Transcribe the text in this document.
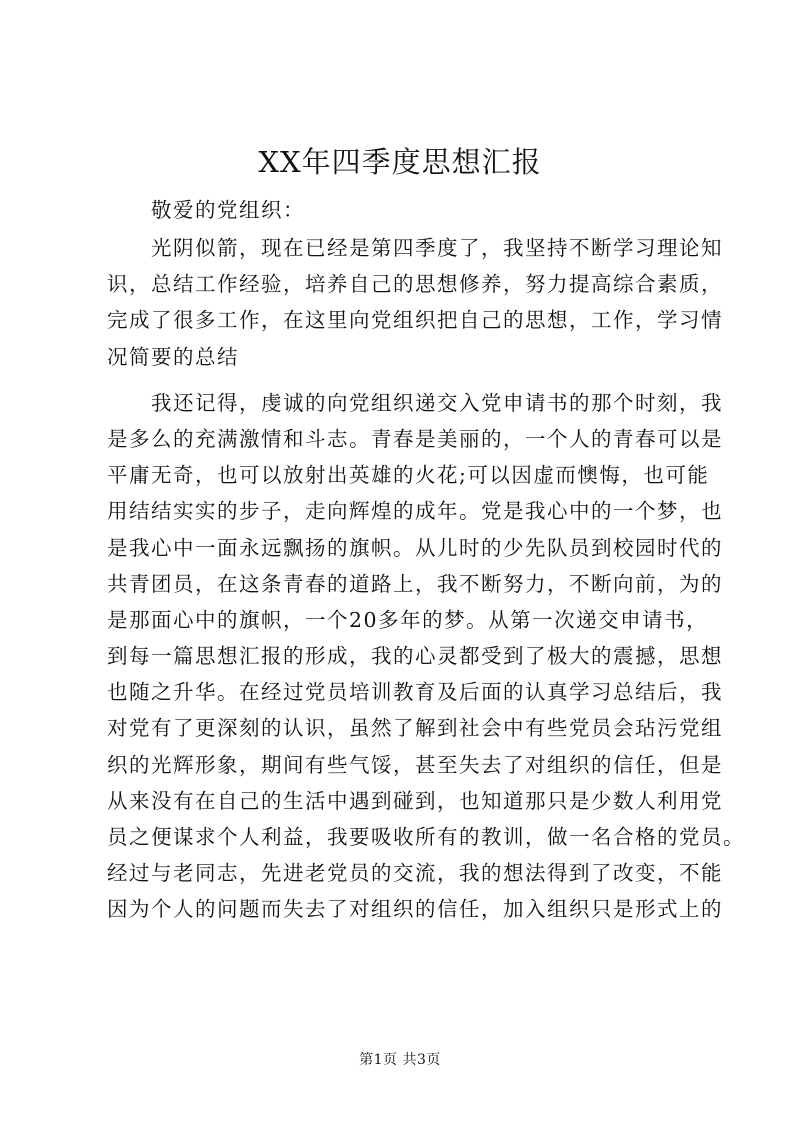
XX年四季度思想汇报

敬爱的党组织：

光阴似箭，现在已经是第四季度了，我坚持不断学习理论知
识，总结工作经验，培养自己的思想修养，努力提高综合素质，
完成了很多工作，在这里向党组织把自己的思想，工作，学习情
况简要的总结
我还记得，虔诚的向党组织递交入党申请书的那个时刻，我
是多么的充满激情和斗志。青春是美丽的，一个人的青春可以是
平庸无奇，也可以放射出英雄的火花;可以因虚而懊悔，也可能
用结结实实的步子，走向辉煌的成年。党是我心中的一个梦，也
是我心中一面永远飘扬的旗帜。从儿时的少先队员到校园时代的
共青团员，在这条青春的道路上，我不断努力，不断向前，为的
是那面心中的旗帜，一个20多年的梦。从第一次递交申请书，
到每一篇思想汇报的形成，我的心灵都受到了极大的震撼，思想
也随之升华。在经过党员培训教育及后面的认真学习总结后，我
对党有了更深刻的认识，虽然了解到社会中有些党员会玷污党组
织的光辉形象，期间有些气馁，甚至失去了对组织的信任，但是
从来没有在自己的生活中遇到碰到，也知道那只是少数人利用党
员之便谋求个人利益，我要吸收所有的教训，做一名合格的党员。
经过与老同志，先进老党员的交流，我的想法得到了改变，不能
因为个人的问题而失去了对组织的信任，加入组织只是形式上的
第1页 共3页
